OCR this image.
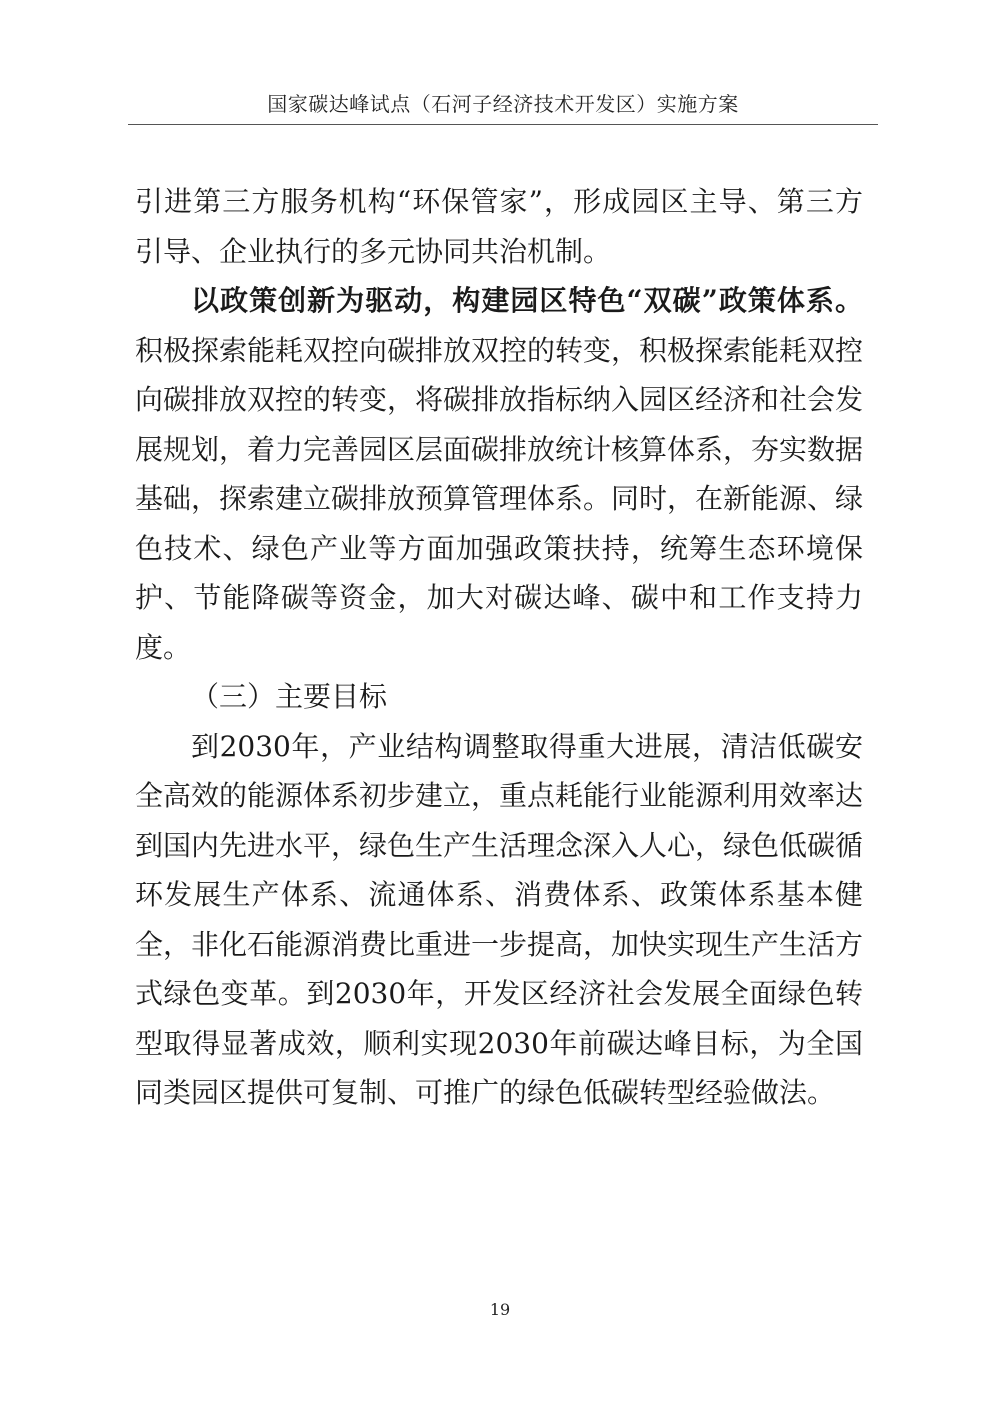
国家碳达峰试点（石河子经济技术开发区）实施方案

引进第三方服务机构“环保管家”，形成园区主导、第三方引导、企业执行的多元协同共治机制。

以政策创新为驱动，构建园区特色“双碳”政策体系。积极探索能耗双控向碳排放双控的转变，积极探索能耗双控向碳排放双控的转变，将碳排放指标纳入园区经济和社会发展规划，着力完善园区层面碳排放统计核算体系，夯实数据基础，探索建立碳排放预算管理体系。同时，在新能源、绿色技术、绿色产业等方面加强政策扶持，统筹生态环境保护、节能降碳等资金，加大对碳达峰、碳中和工作支持力度。

（三）主要目标

到2030年，产业结构调整取得重大进展，清洁低碳安全高效的能源体系初步建立，重点耗能行业能源利用效率达到国内先进水平，绿色生产生活理念深入人心，绿色低碳循环发展生产体系、流通体系、消费体系、政策体系基本健全，非化石能源消费比重进一步提高，加快实现生产生活方式绿色变革。到2030年，开发区经济社会发展全面绿色转型取得显著成效，顺利实现2030年前碳达峰目标，为全国同类园区提供可复制、可推广的绿色低碳转型经验做法。

19
